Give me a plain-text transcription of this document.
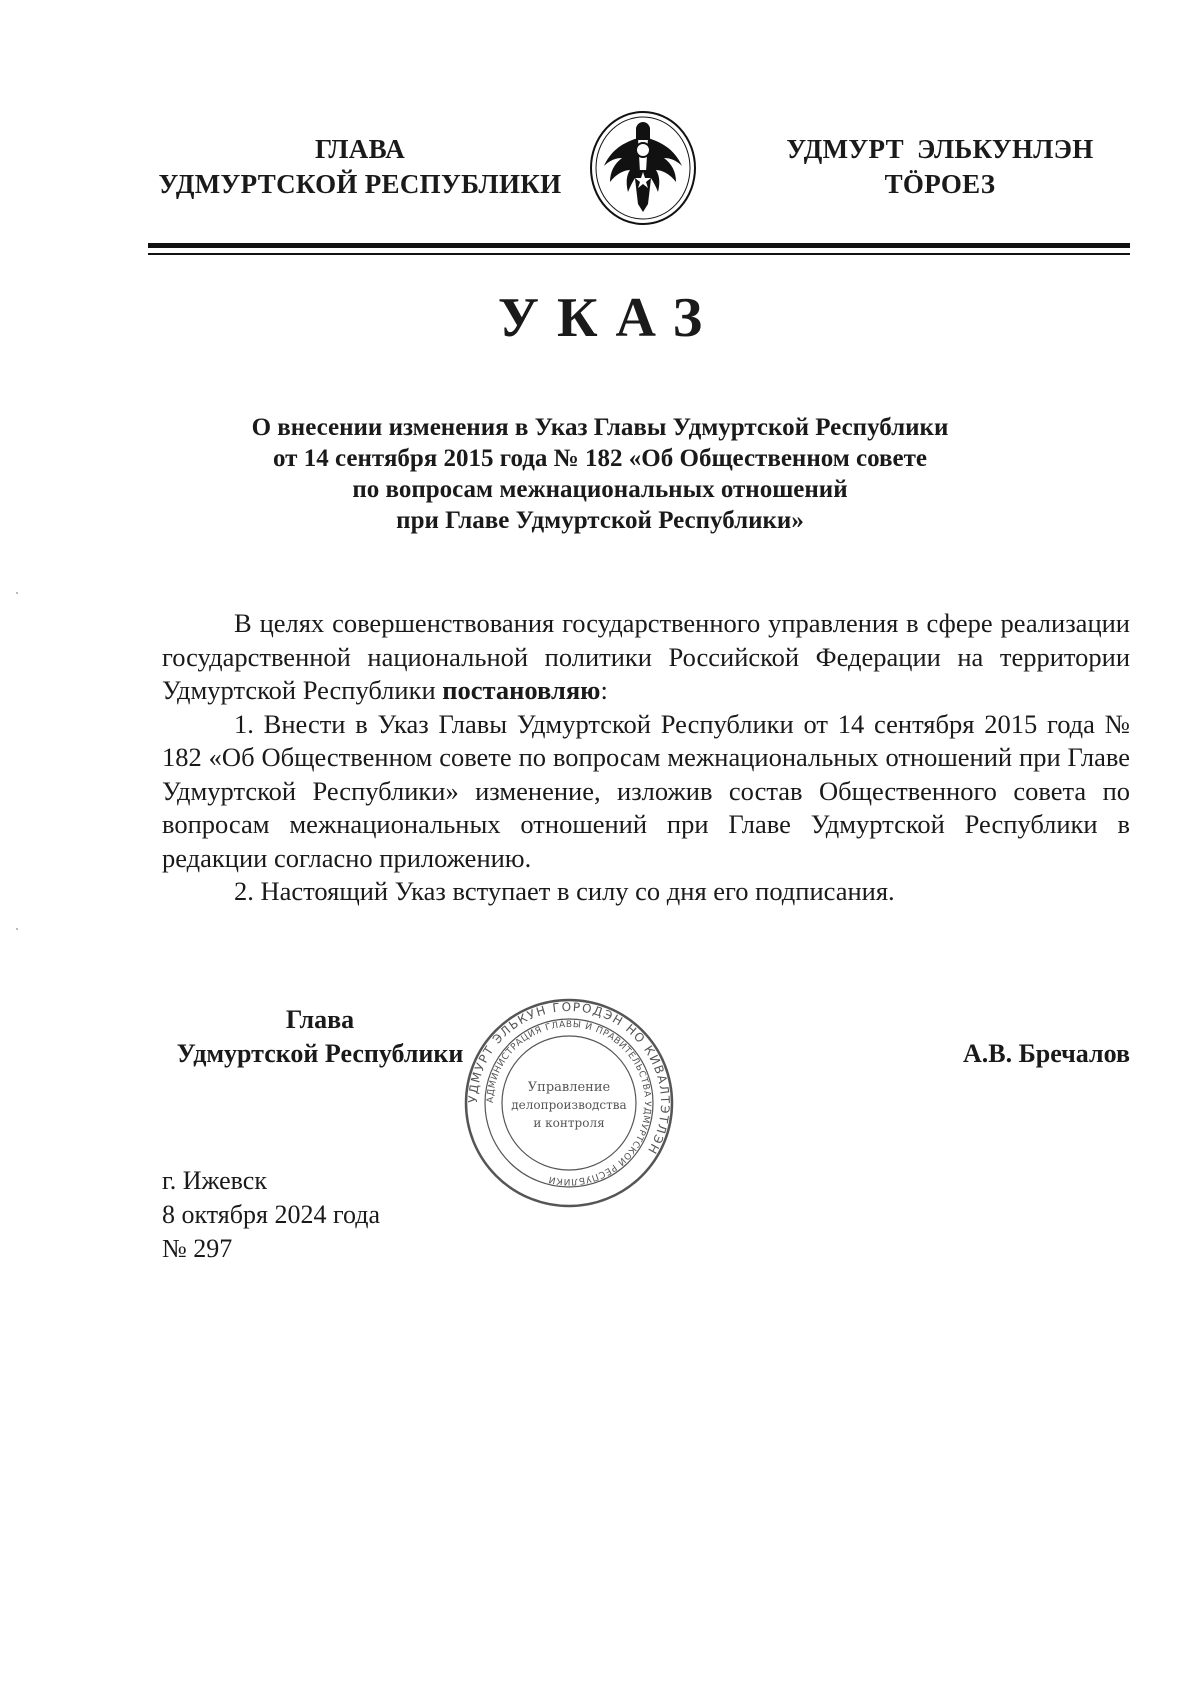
ГЛАВА
УДМУРТСКОЙ РЕСПУБЛИКИ
УДМУРТ ЭЛЬКУНЛЭН
ТӦРОЕЗ
УКАЗ
О внесении изменения в Указ Главы Удмуртской Республики
от 14 сентября 2015 года № 182 «Об Общественном совете
по вопросам межнациональных отношений
при Главе Удмуртской Республики»

В целях совершенствования государственного управления в сфере реализации государственной национальной политики Российской Федерации на территории Удмуртской Республики постановляю:

1. Внести в Указ Главы Удмуртской Республики от 14 сентября 2015 года № 182 «Об Общественном совете по вопросам межнациональных отношений при Главе Удмуртской Республики» изменение, изложив состав Общественного совета по вопросам межнациональных отношений при Главе Удмуртской Республики в редакции согласно приложению.

2. Настоящий Указ вступает в силу со дня его подписания.

Глава
Удмуртской Республики	А.В. Бречалов
УДМУРТ ЭЛЬКУН ГОРОДЭН НО КИВАЛТЭТЛЭН
АДМИНИСТРАЦИЯ ГЛАВЫ И ПРАВИТЕЛЬСТВА УДМУРТСКОЙ РЕСПУБЛИКИ
Управление
делопроизводства
и контроля
г. Ижевск
8 октября 2024 года
№ 297
